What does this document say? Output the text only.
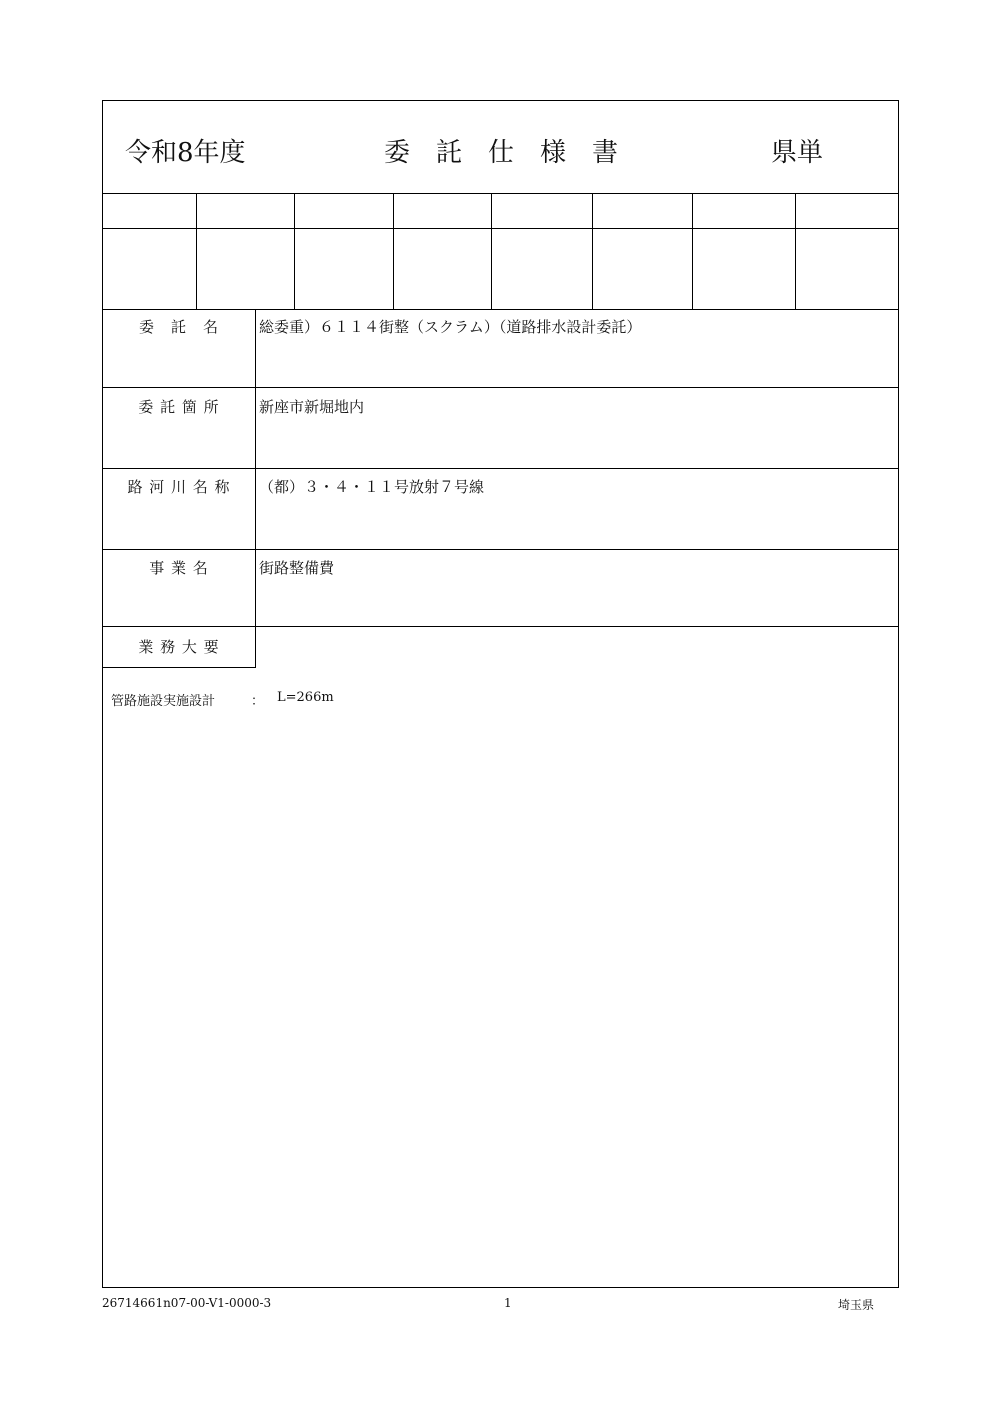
令和8年度	委　託　仕　様　書	県単
委　託　名	総委重）６１１４街整（スクラム）（道路排水設計委託）
委 託 箇 所	新座市新堀地内
路 河 川 名 称	（都）３・４・１１号放射７号線
事 業 名	街路整備費
業 務 大 要
管路施設実施設計	： L=266m
26714661n07-00-V1-0000-3	1	埼玉県
